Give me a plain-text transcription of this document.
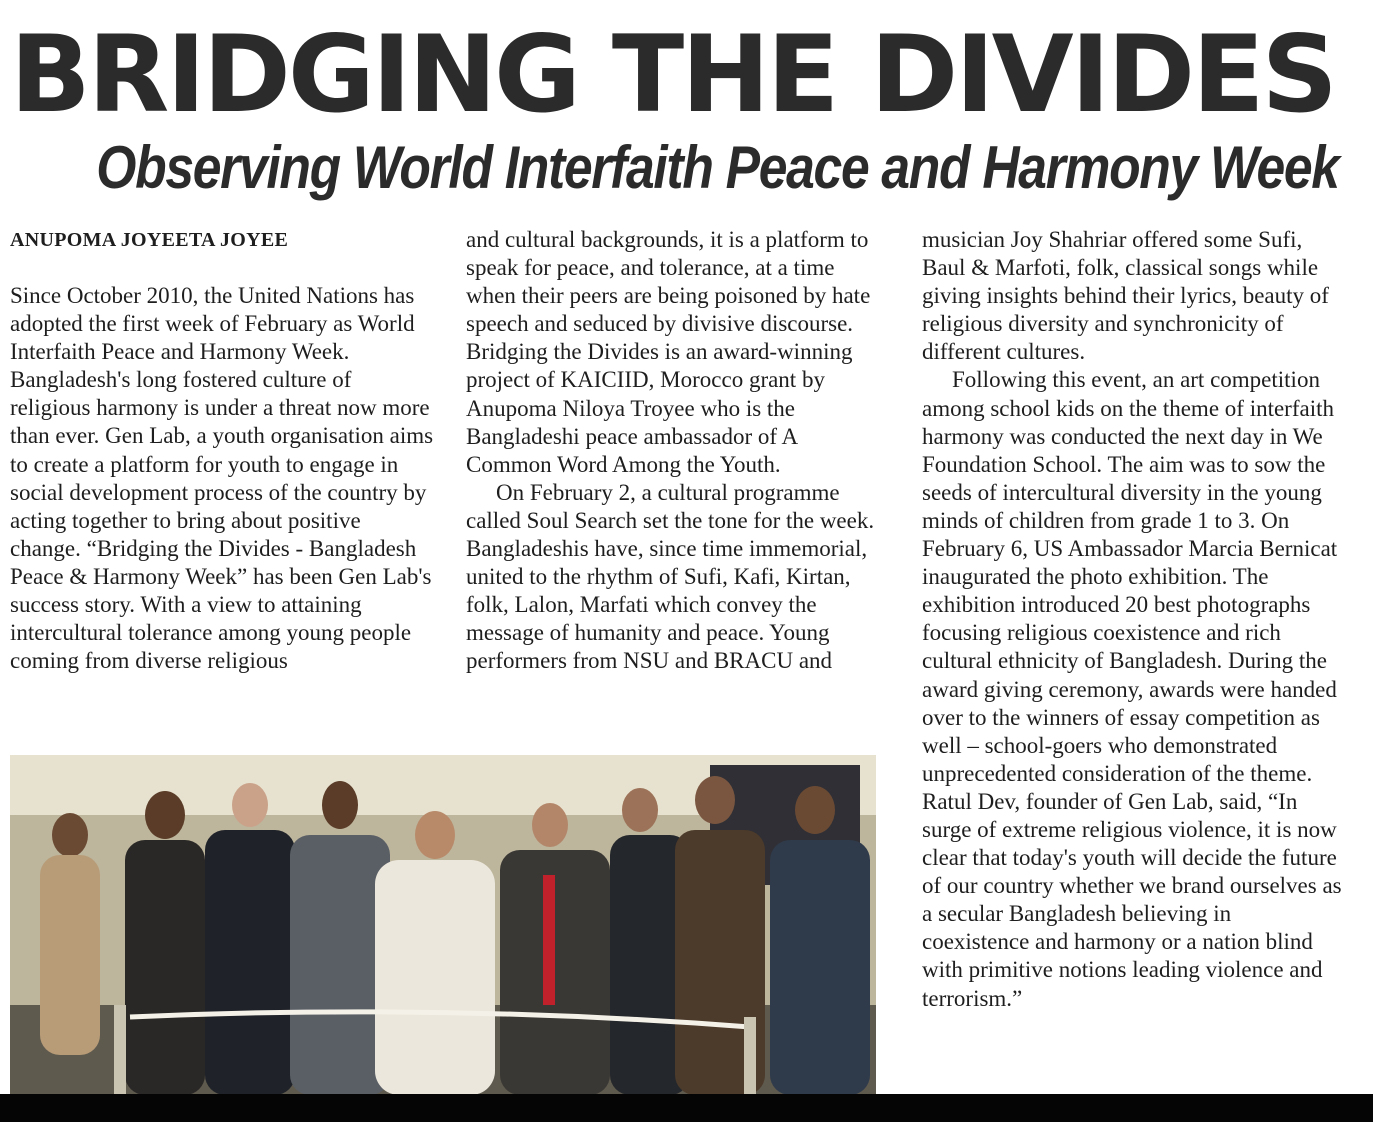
BRIDGING THE DIVIDES
Observing World Interfaith Peace and Harmony Week

ANUPOMA JOYEETA JOYEE

Since October 2010, the United Nations has adopted the first week of February as World Interfaith Peace and Harmony Week. Bangladesh's long fostered culture of religious harmony is under a threat now more than ever. Gen Lab, a youth organisation aims to create a platform for youth to engage in social development process of the country by acting together to bring about positive change. “Bridging the Divides - Bangladesh Peace & Harmony Week” has been Gen Lab's success story. With a view to attaining intercultural tolerance among young people coming from diverse religious

and cultural backgrounds, it is a platform to speak for peace, and tolerance, at a time when their peers are being poisoned by hate speech and seduced by divisive discourse. Bridging the Divides is an award-winning project of KAICIID, Morocco grant by Anupoma Niloya Troyee who is the Bangladeshi peace ambassador of A Common Word Among the Youth.

On February 2, a cultural programme called Soul Search set the tone for the week. Bangladeshis have, since time immemorial, united to the rhythm of Sufi, Kafi, Kirtan, folk, Lalon, Marfati which convey the message of humanity and peace. Young performers from NSU and BRACU and

musician Joy Shahriar offered some Sufi, Baul & Marfoti, folk, classical songs while giving insights behind their lyrics, beauty of religious diversity and synchronicity of different cultures.

Following this event, an art competition among school kids on the theme of interfaith harmony was conducted the next day in We Foundation School. The aim was to sow the seeds of intercultural diversity in the young minds of children from grade 1 to 3. On February 6, US Ambassador Marcia Bernicat inaugurated the photo exhibition. The exhibition introduced 20 best photographs focusing religious coexistence and rich cultural ethnicity of Bangladesh. During the award giving ceremony, awards were handed over to the winners of essay competition as well – school-goers who demonstrated unprecedented consideration of the theme. Ratul Dev, founder of Gen Lab, said, “In surge of extreme religious violence, it is now clear that today's youth will decide the future of our country whether we brand ourselves as a secular Bangladesh believing in coexistence and harmony or a nation blind with primitive notions leading violence and terrorism.”
